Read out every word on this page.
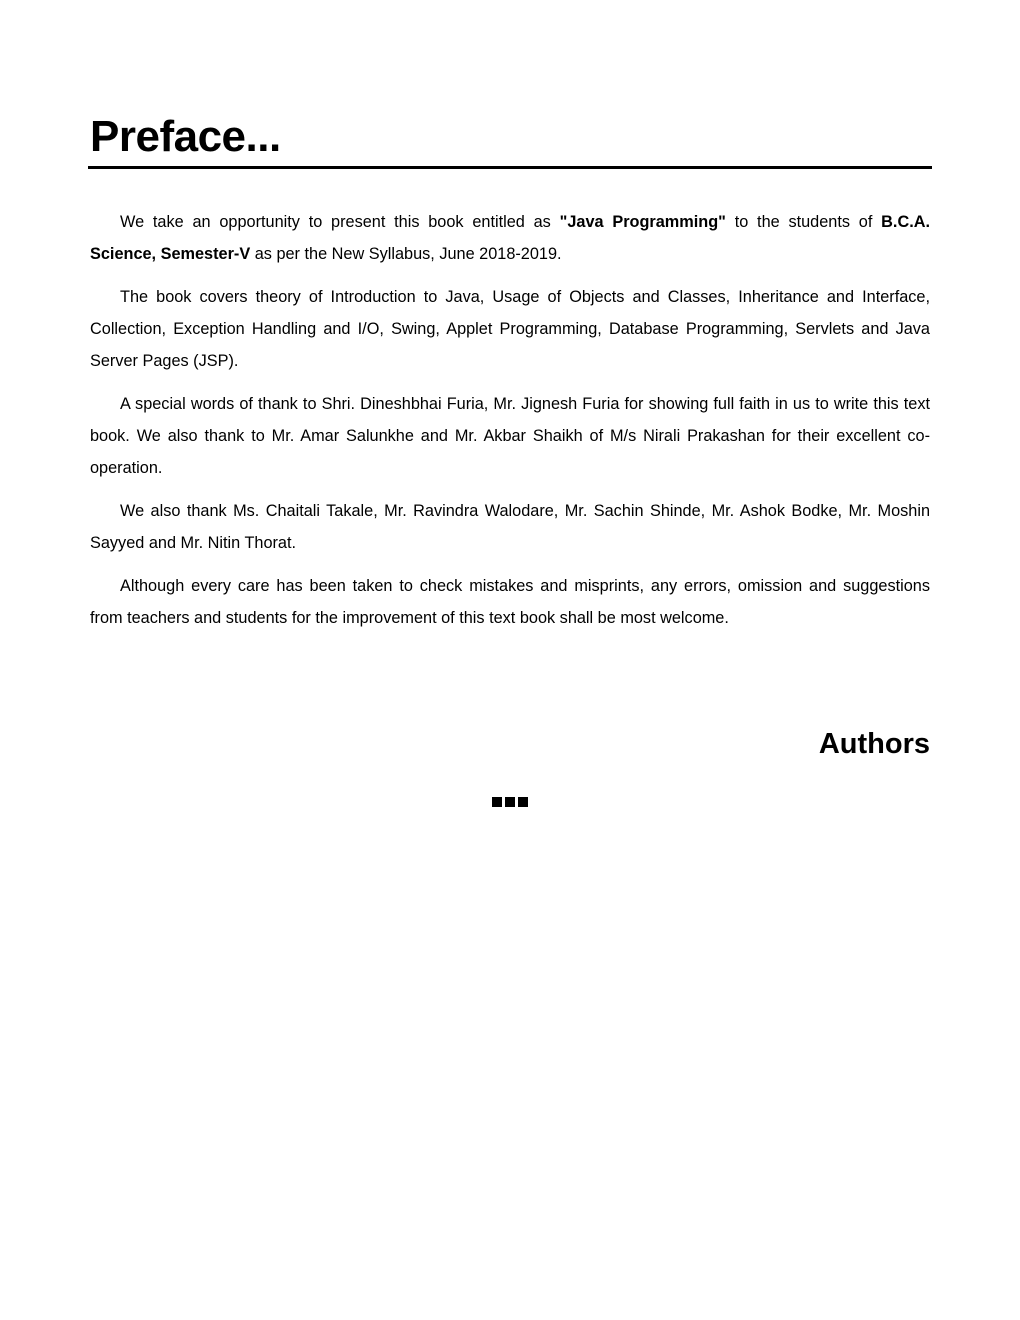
Preface...

We take an opportunity to present this book entitled as "Java Programming" to the students of B.C.A. Science, Semester-V as per the New Syllabus, June 2018-2019.

The book covers theory of Introduction to Java, Usage of Objects and Classes, Inheritance and Interface, Collection, Exception Handling and I/O, Swing, Applet Programming, Database Programming, Servlets and Java Server Pages (JSP).

A special words of thank to Shri. Dineshbhai Furia, Mr. Jignesh Furia for showing full faith in us to write this text book. We also thank to Mr. Amar Salunkhe and Mr. Akbar Shaikh of M/s Nirali Prakashan for their excellent co-operation.

We also thank Ms. Chaitali Takale, Mr. Ravindra Walodare, Mr. Sachin Shinde, Mr. Ashok Bodke, Mr. Moshin Sayyed and Mr. Nitin Thorat.

Although every care has been taken to check mistakes and misprints, any errors, omission and suggestions from teachers and students for the improvement of this text book shall be most welcome.

Authors
